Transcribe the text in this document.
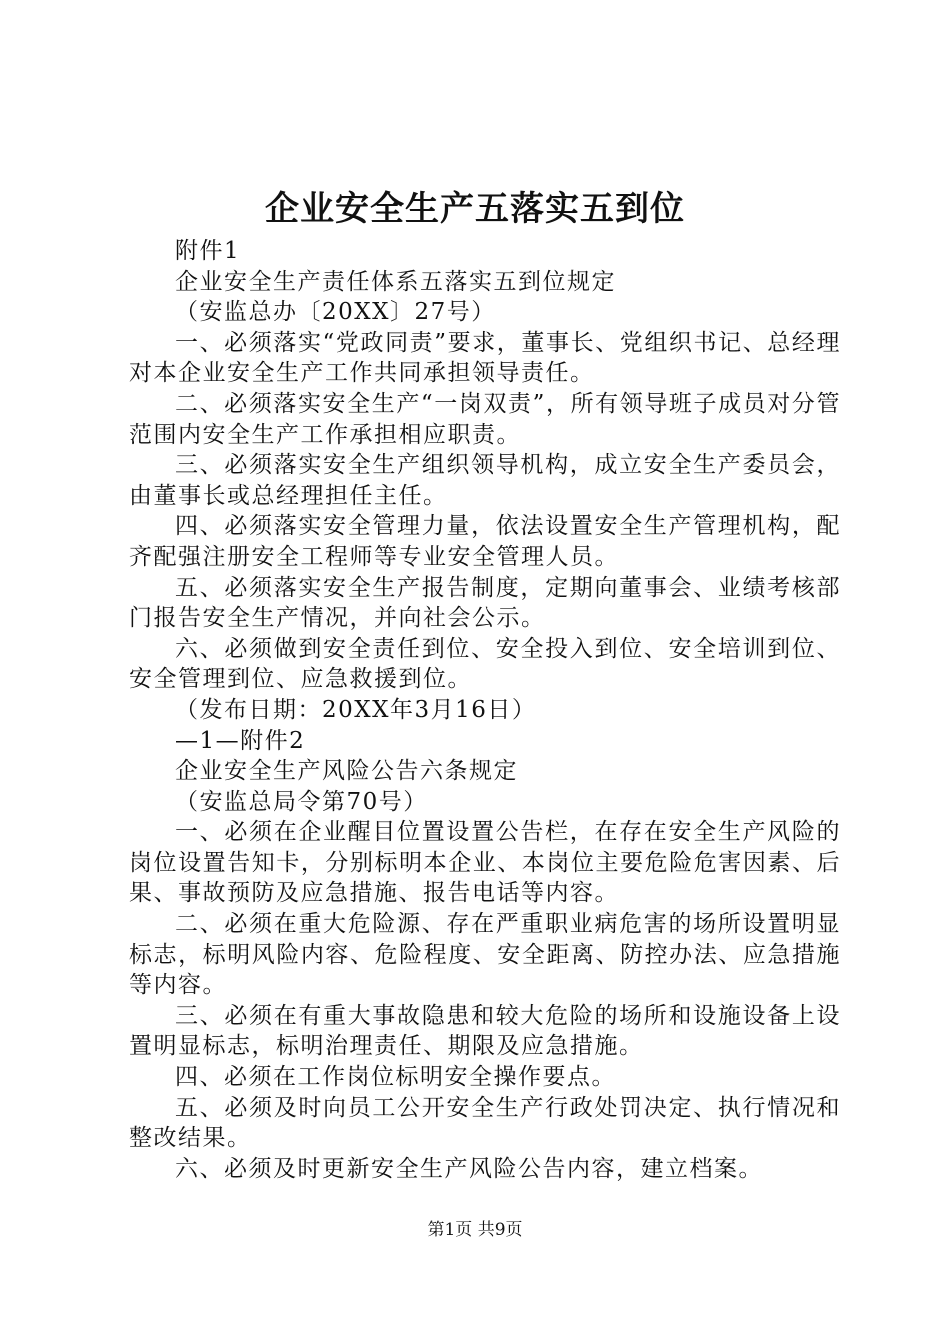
企业安全生产五落实五到位

附件1

企业安全生产责任体系五落实五到位规定

（安监总办〔20XX〕27号）

一、必须落实“党政同责”要求，董事长、党组织书记、总经理对本企业安全生产工作共同承担领导责任。

二、必须落实安全生产“一岗双责”，所有领导班子成员对分管范围内安全生产工作承担相应职责。

三、必须落实安全生产组织领导机构，成立安全生产委员会，由董事长或总经理担任主任。

四、必须落实安全管理力量，依法设置安全生产管理机构，配齐配强注册安全工程师等专业安全管理人员。

五、必须落实安全生产报告制度，定期向董事会、业绩考核部门报告安全生产情况，并向社会公示。

六、必须做到安全责任到位、安全投入到位、安全培训到位、安全管理到位、应急救援到位。

（发布日期：20XX年3月16日）

—1—附件2

企业安全生产风险公告六条规定

（安监总局令第70号）

一、必须在企业醒目位置设置公告栏，在存在安全生产风险的岗位设置告知卡，分别标明本企业、本岗位主要危险危害因素、后果、事故预防及应急措施、报告电话等内容。

二、必须在重大危险源、存在严重职业病危害的场所设置明显标志，标明风险内容、危险程度、安全距离、防控办法、应急措施等内容。

三、必须在有重大事故隐患和较大危险的场所和设施设备上设置明显标志，标明治理责任、期限及应急措施。

四、必须在工作岗位标明安全操作要点。

五、必须及时向员工公开安全生产行政处罚决定、执行情况和整改结果。

六、必须及时更新安全生产风险公告内容，建立档案。

第1页 共9页
